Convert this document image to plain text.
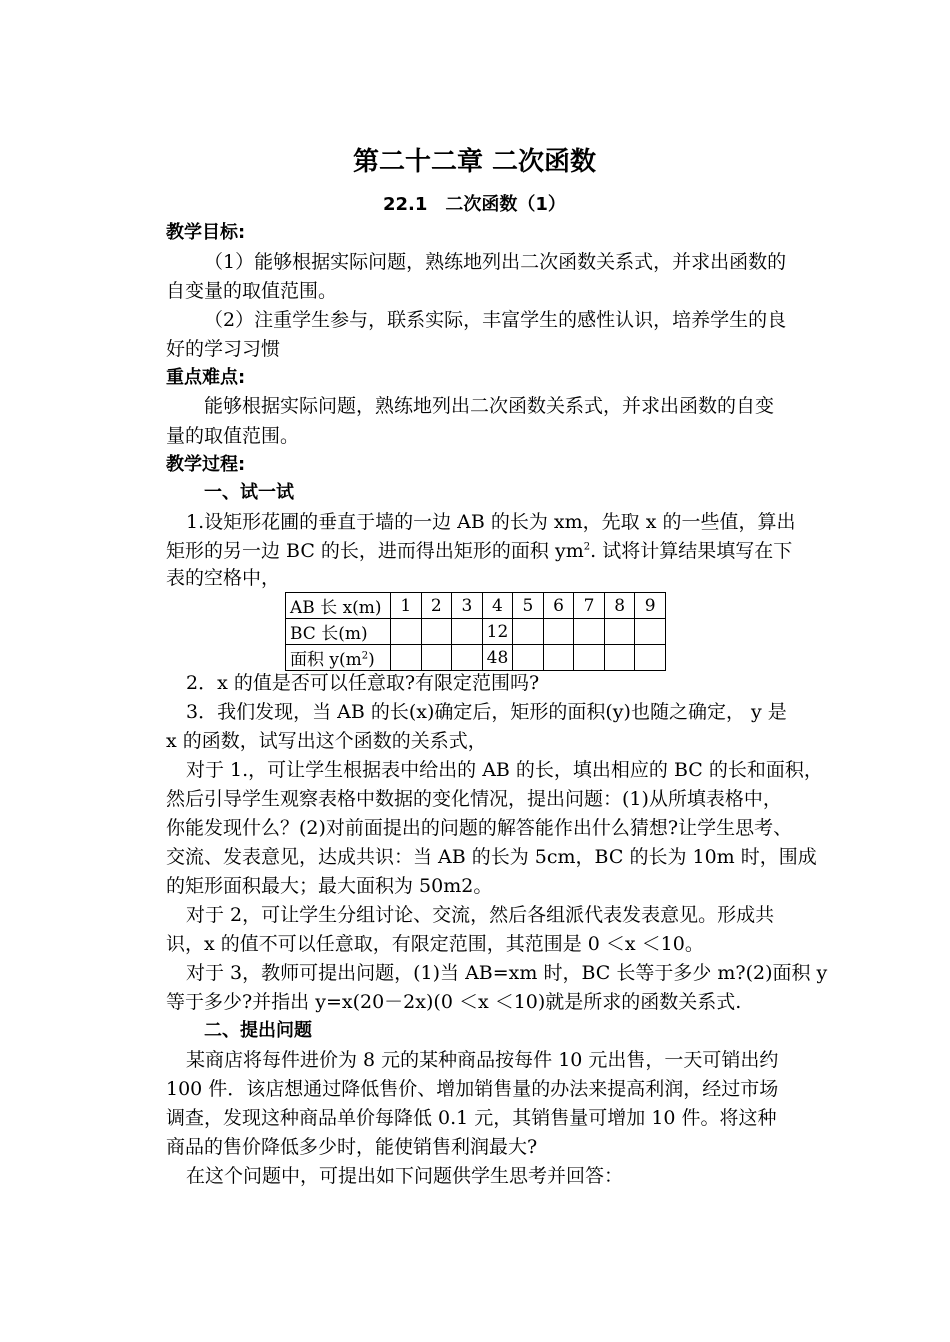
第二十二章 二次函数
22.1　二次函数（1）
教学目标:
（1）能够根据实际问题，熟练地列出二次函数关系式，并求出函数的
自变量的取值范围。
（2）注重学生参与，联系实际，丰富学生的感性认识，培养学生的良
好的学习习惯
重点难点:
能够根据实际问题，熟练地列出二次函数关系式，并求出函数的自变
量的取值范围。
教学过程:
一、试一试
1.设矩形花圃的垂直于墙的一边 AB 的长为 xm，先取 x 的一些值，算出
矩形的另一边 BC 的长，进而得出矩形的面积 $ym^2$. 试将计算结果填写在下
表的空格中，
AB 长 x(m)	1	2	3	4	5	6	7	8	9
BC 长(m)				12					
面积 $y(m^2)$				48					
2．x 的值是否可以任意取?有限定范围吗?
3．我们发现，当 AB 的长(x)确定后，矩形的面积(y)也随之确定， y 是
x 的函数，试写出这个函数的关系式，
对于 1.，可让学生根据表中给出的 AB 的长，填出相应的 BC 的长和面积，
然后引导学生观察表格中数据的变化情况，提出问题：(1)从所填表格中，
你能发现什么？(2)对前面提出的问题的解答能作出什么猜想?让学生思考、
交流、发表意见，达成共识：当 AB 的长为 5cm，BC 的长为 10m 时，围成
的矩形面积最大；最大面积为 50m2。
对于 2，可让学生分组讨论、交流，然后各组派代表发表意见。形成共
识，x 的值不可以任意取，有限定范围，其范围是 0 ＜x ＜10。
对于 3，教师可提出问题，(1)当 AB=xm 时，BC 长等于多少 m?(2)面积 y
等于多少?并指出 y=x(20－2x)(0 ＜x ＜10)就是所求的函数关系式.
二、提出问题
某商店将每件进价为 8 元的某种商品按每件 10 元出售，一天可销出约
100 件．该店想通过降低售价、增加销售量的办法来提高利润，经过市场
调查，发现这种商品单价每降低 0.1 元，其销售量可增加 10 件。将这种
商品的售价降低多少时，能使销售利润最大?
在这个问题中，可提出如下问题供学生思考并回答：
